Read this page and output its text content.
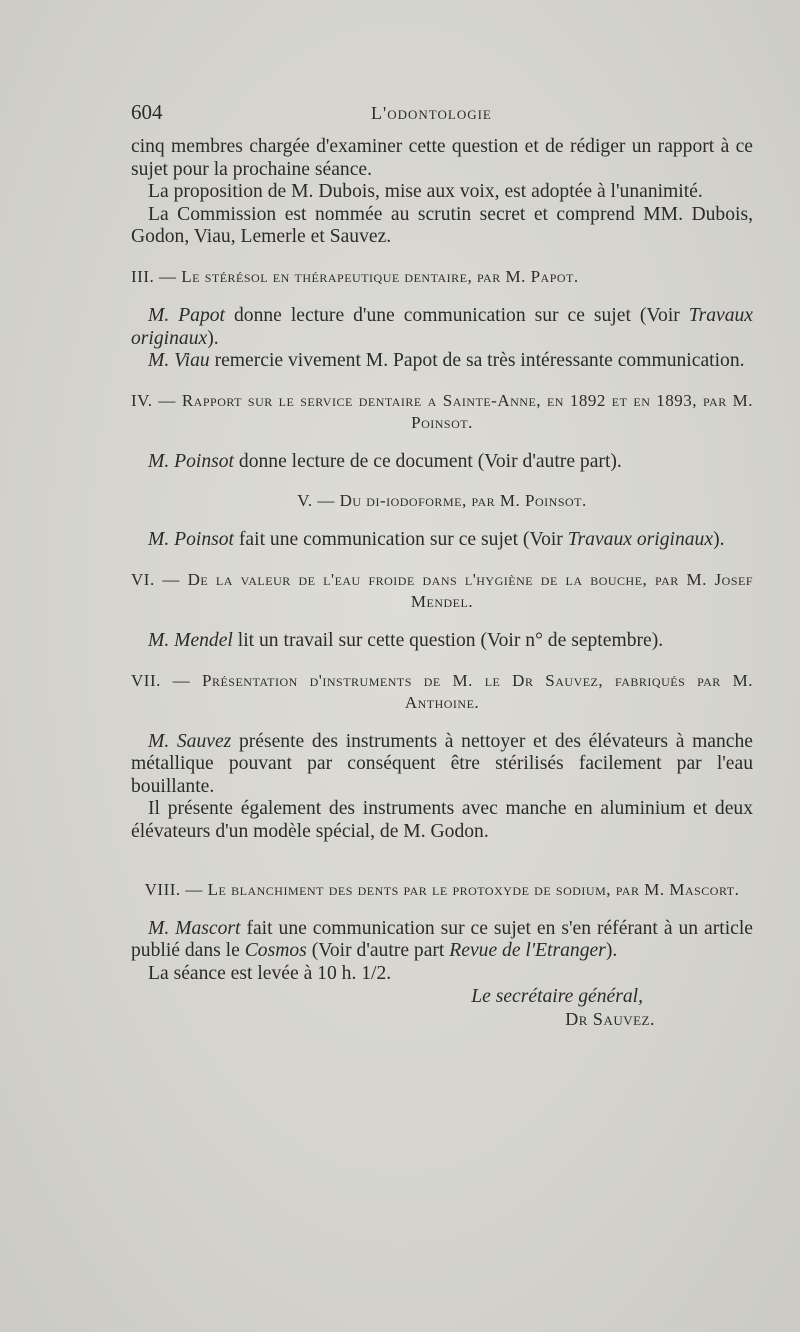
604	L'odontologie

cinq membres chargée d'examiner cette question et de rédiger un rapport à ce sujet pour la prochaine séance.

La proposition de M. Dubois, mise aux voix, est adoptée à l'unanimité.

La Commission est nommée au scrutin secret et comprend MM. Dubois, Godon, Viau, Lemerle et Sauvez.

III. — Le stérésol en thérapeutique dentaire, par M. Papot.

M. Papot donne lecture d'une communication sur ce sujet (Voir Travaux originaux).

M. Viau remercie vivement M. Papot de sa très intéressante communication.

IV. — Rapport sur le service dentaire a Sainte-Anne, en 1892 et en 1893, par M. Poinsot.

M. Poinsot donne lecture de ce document (Voir d'autre part).

V. — Du di-iodoforme, par M. Poinsot.

M. Poinsot fait une communication sur ce sujet (Voir Travaux originaux).

VI. — De la valeur de l'eau froide dans l'hygiène de la bouche, par M. Josef Mendel.

M. Mendel lit un travail sur cette question (Voir n° de septembre).

VII. — Présentation d'instruments de M. le Dr Sauvez, fabriqués par M. Anthoine.

M. Sauvez présente des instruments à nettoyer et des élévateurs à manche métallique pouvant par conséquent être stérilisés facilement par l'eau bouillante.

Il présente également des instruments avec manche en aluminium et deux élévateurs d'un modèle spécial, de M. Godon.

VIII. — Le blanchiment des dents par le protoxyde de sodium, par M. Mascort.

M. Mascort fait une communication sur ce sujet en s'en référant à un article publié dans le Cosmos (Voir d'autre part Revue de l'Etranger).

La séance est levée à 10 h. 1/2.

Le secrétaire général,
Dr Sauvez.
